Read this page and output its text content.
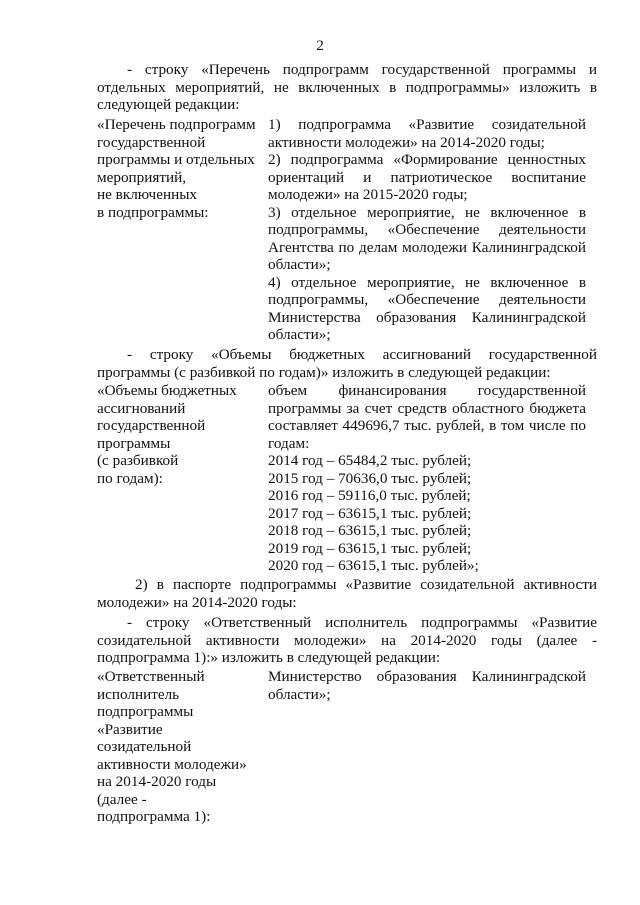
2
- строку «Перечень подпрограмм государственной программы и
отдельных мероприятий, не включенных в подпрограммы» изложить в
следующей редакции:
«Перечень подпрограмм
государственной
программы и отдельных
мероприятий,
не включенных
в подпрограммы:
1) подпрограмма «Развитие созидательной
активности молодежи» на 2014-2020 годы;
2) подпрограмма «Формирование ценностных
ориентаций и патриотическое воспитание
молодежи» на 2015-2020 годы;
3) отдельное мероприятие, не включенное в
подпрограммы, «Обеспечение деятельности
Агентства по делам молодежи Калининградской
области»;
4) отдельное мероприятие, не включенное в
подпрограммы, «Обеспечение деятельности
Министерства образования Калининградской
области»;
- строку «Объемы бюджетных ассигнований государственной
программы (с разбивкой по годам)» изложить в следующей редакции:
«Объемы бюджетных
ассигнований
государственной
программы
(с разбивкой
по годам):
объем финансирования государственной
программы за счет средств областного бюджета
составляет 449696,7 тыс. рублей, в том числе по
годам:
2014 год – 65484,2 тыс. рублей;
2015 год – 70636,0 тыс. рублей;
2016 год – 59116,0 тыс. рублей;
2017 год – 63615,1 тыс. рублей;
2018 год – 63615,1 тыс. рублей;
2019 год – 63615,1 тыс. рублей;
2020 год – 63615,1 тыс. рублей»;
2) в паспорте подпрограммы «Развитие созидательной активности
молодежи» на 2014-2020 годы:
- строку «Ответственный исполнитель подпрограммы «Развитие
созидательной активности молодежи» на 2014-2020 годы (далее -
подпрограмма 1):» изложить в следующей редакции:
«Ответственный
исполнитель
подпрограммы
«Развитие
созидательной
активности молодежи»
на 2014-2020 годы
(далее -
подпрограмма 1):
Министерство образования Калининградской
области»;
